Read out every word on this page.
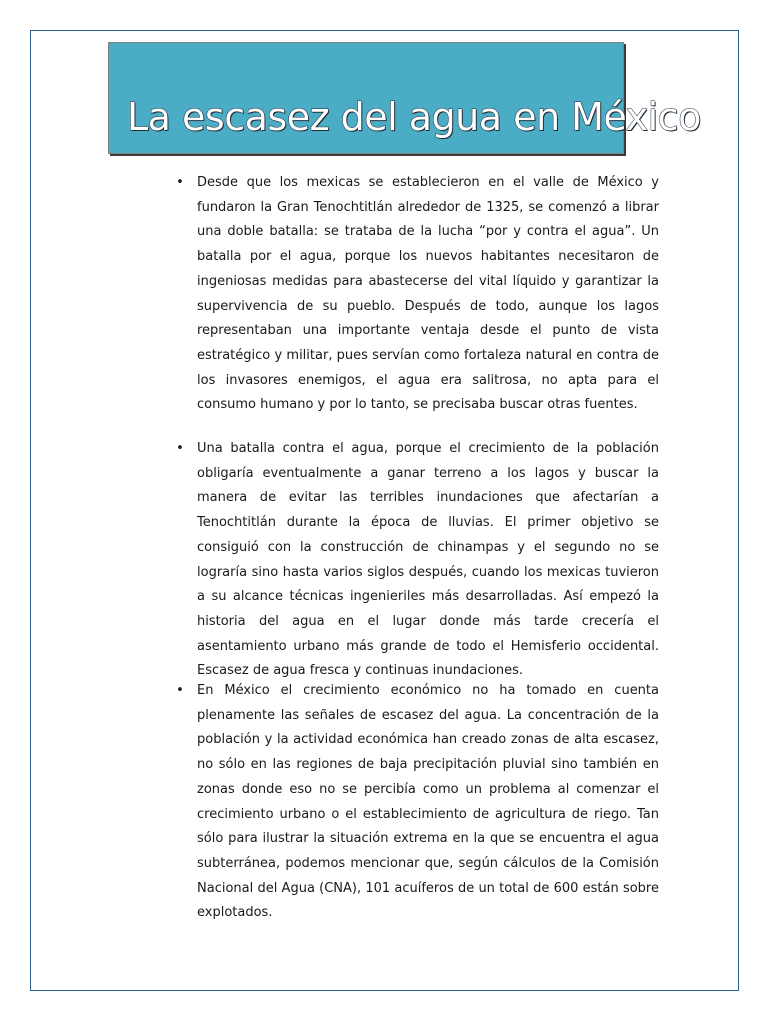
La escasez del agua en México
• Desde que los mexicas se establecieron en el valle de México y fundaron la Gran Tenochtitlán alrededor de 1325, se comenzó a librar una doble batalla: se trataba de la lucha “por y contra el agua”. Un batalla por el agua, porque los nuevos habitantes necesitaron de ingeniosas medidas para abastecerse del vital líquido y garantizar la supervivencia de su pueblo. Después de todo, aunque los lagos representaban una importante ventaja desde el punto de vista estratégico y militar, pues servían como fortaleza natural en contra de los invasores enemigos, el agua era salitrosa, no apta para el consumo humano y por lo tanto, se precisaba buscar otras fuentes.
• Una batalla contra el agua, porque el crecimiento de la población obligaría eventualmente a ganar terreno a los lagos y buscar la manera de evitar las terribles inundaciones que afectarían a Tenochtitlán durante la época de lluvias. El primer objetivo se consiguió con la construcción de chinampas y el segundo no se lograría sino hasta varios siglos después, cuando los mexicas tuvieron a su alcance técnicas ingenieriles más desarrolladas. Así empezó la historia del agua en el lugar donde más tarde crecería el asentamiento urbano más grande de todo el Hemisferio occidental. Escasez de agua fresca y continuas inundaciones.
• En México el crecimiento económico no ha tomado en cuenta plenamente las señales de escasez del agua. La concentración de la población y la actividad económica han creado zonas de alta escasez, no sólo en las regiones de baja precipitación pluvial sino también en zonas donde eso no se percibía como un problema al comenzar el crecimiento urbano o el establecimiento de agricultura de riego. Tan sólo para ilustrar la situación extrema en la que se encuentra el agua subterránea, podemos mencionar que, según cálculos de la Comisión Nacional del Agua (CNA), 101 acuíferos de un total de 600 están sobre explotados.
